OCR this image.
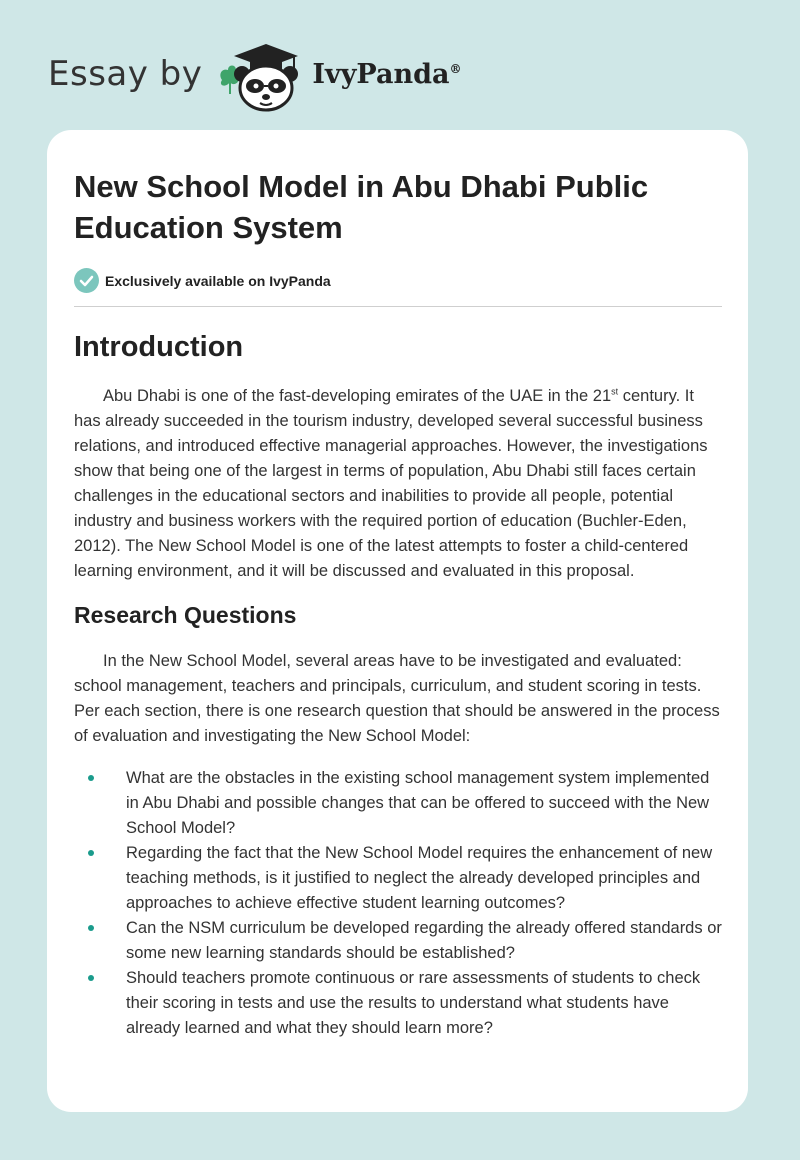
Essay by	IvyPanda®
New School Model in Abu Dhabi Public Education System
Exclusively available on IvyPanda
Introduction

Abu Dhabi is one of the fast-developing emirates of the UAE in the 21st century. It has already succeeded in the tourism industry, developed several successful business relations, and introduced effective managerial approaches. However, the investigations show that being one of the largest in terms of population, Abu Dhabi still faces certain challenges in the educational sectors and inabilities to provide all people, potential industry and business workers with the required portion of education (Buchler-Eden, 2012). The New School Model is one of the latest attempts to foster a child-centered learning environment, and it will be discussed and evaluated in this proposal.

Research Questions

In the New School Model, several areas have to be investigated and evaluated: school management, teachers and principals, curriculum, and student scoring in tests. Per each section, there is one research question that should be answered in the process of evaluation and investigating the New School Model:

What are the obstacles in the existing school management system implemented in Abu Dhabi and possible changes that can be offered to succeed with the New School Model?
Regarding the fact that the New School Model requires the enhancement of new teaching methods, is it justified to neglect the already developed principles and approaches to achieve effective student learning outcomes?
Can the NSM curriculum be developed regarding the already offered standards or some new learning standards should be established?
Should teachers promote continuous or rare assessments of students to check their scoring in tests and use the results to understand what students have already learned and what they should learn more?
